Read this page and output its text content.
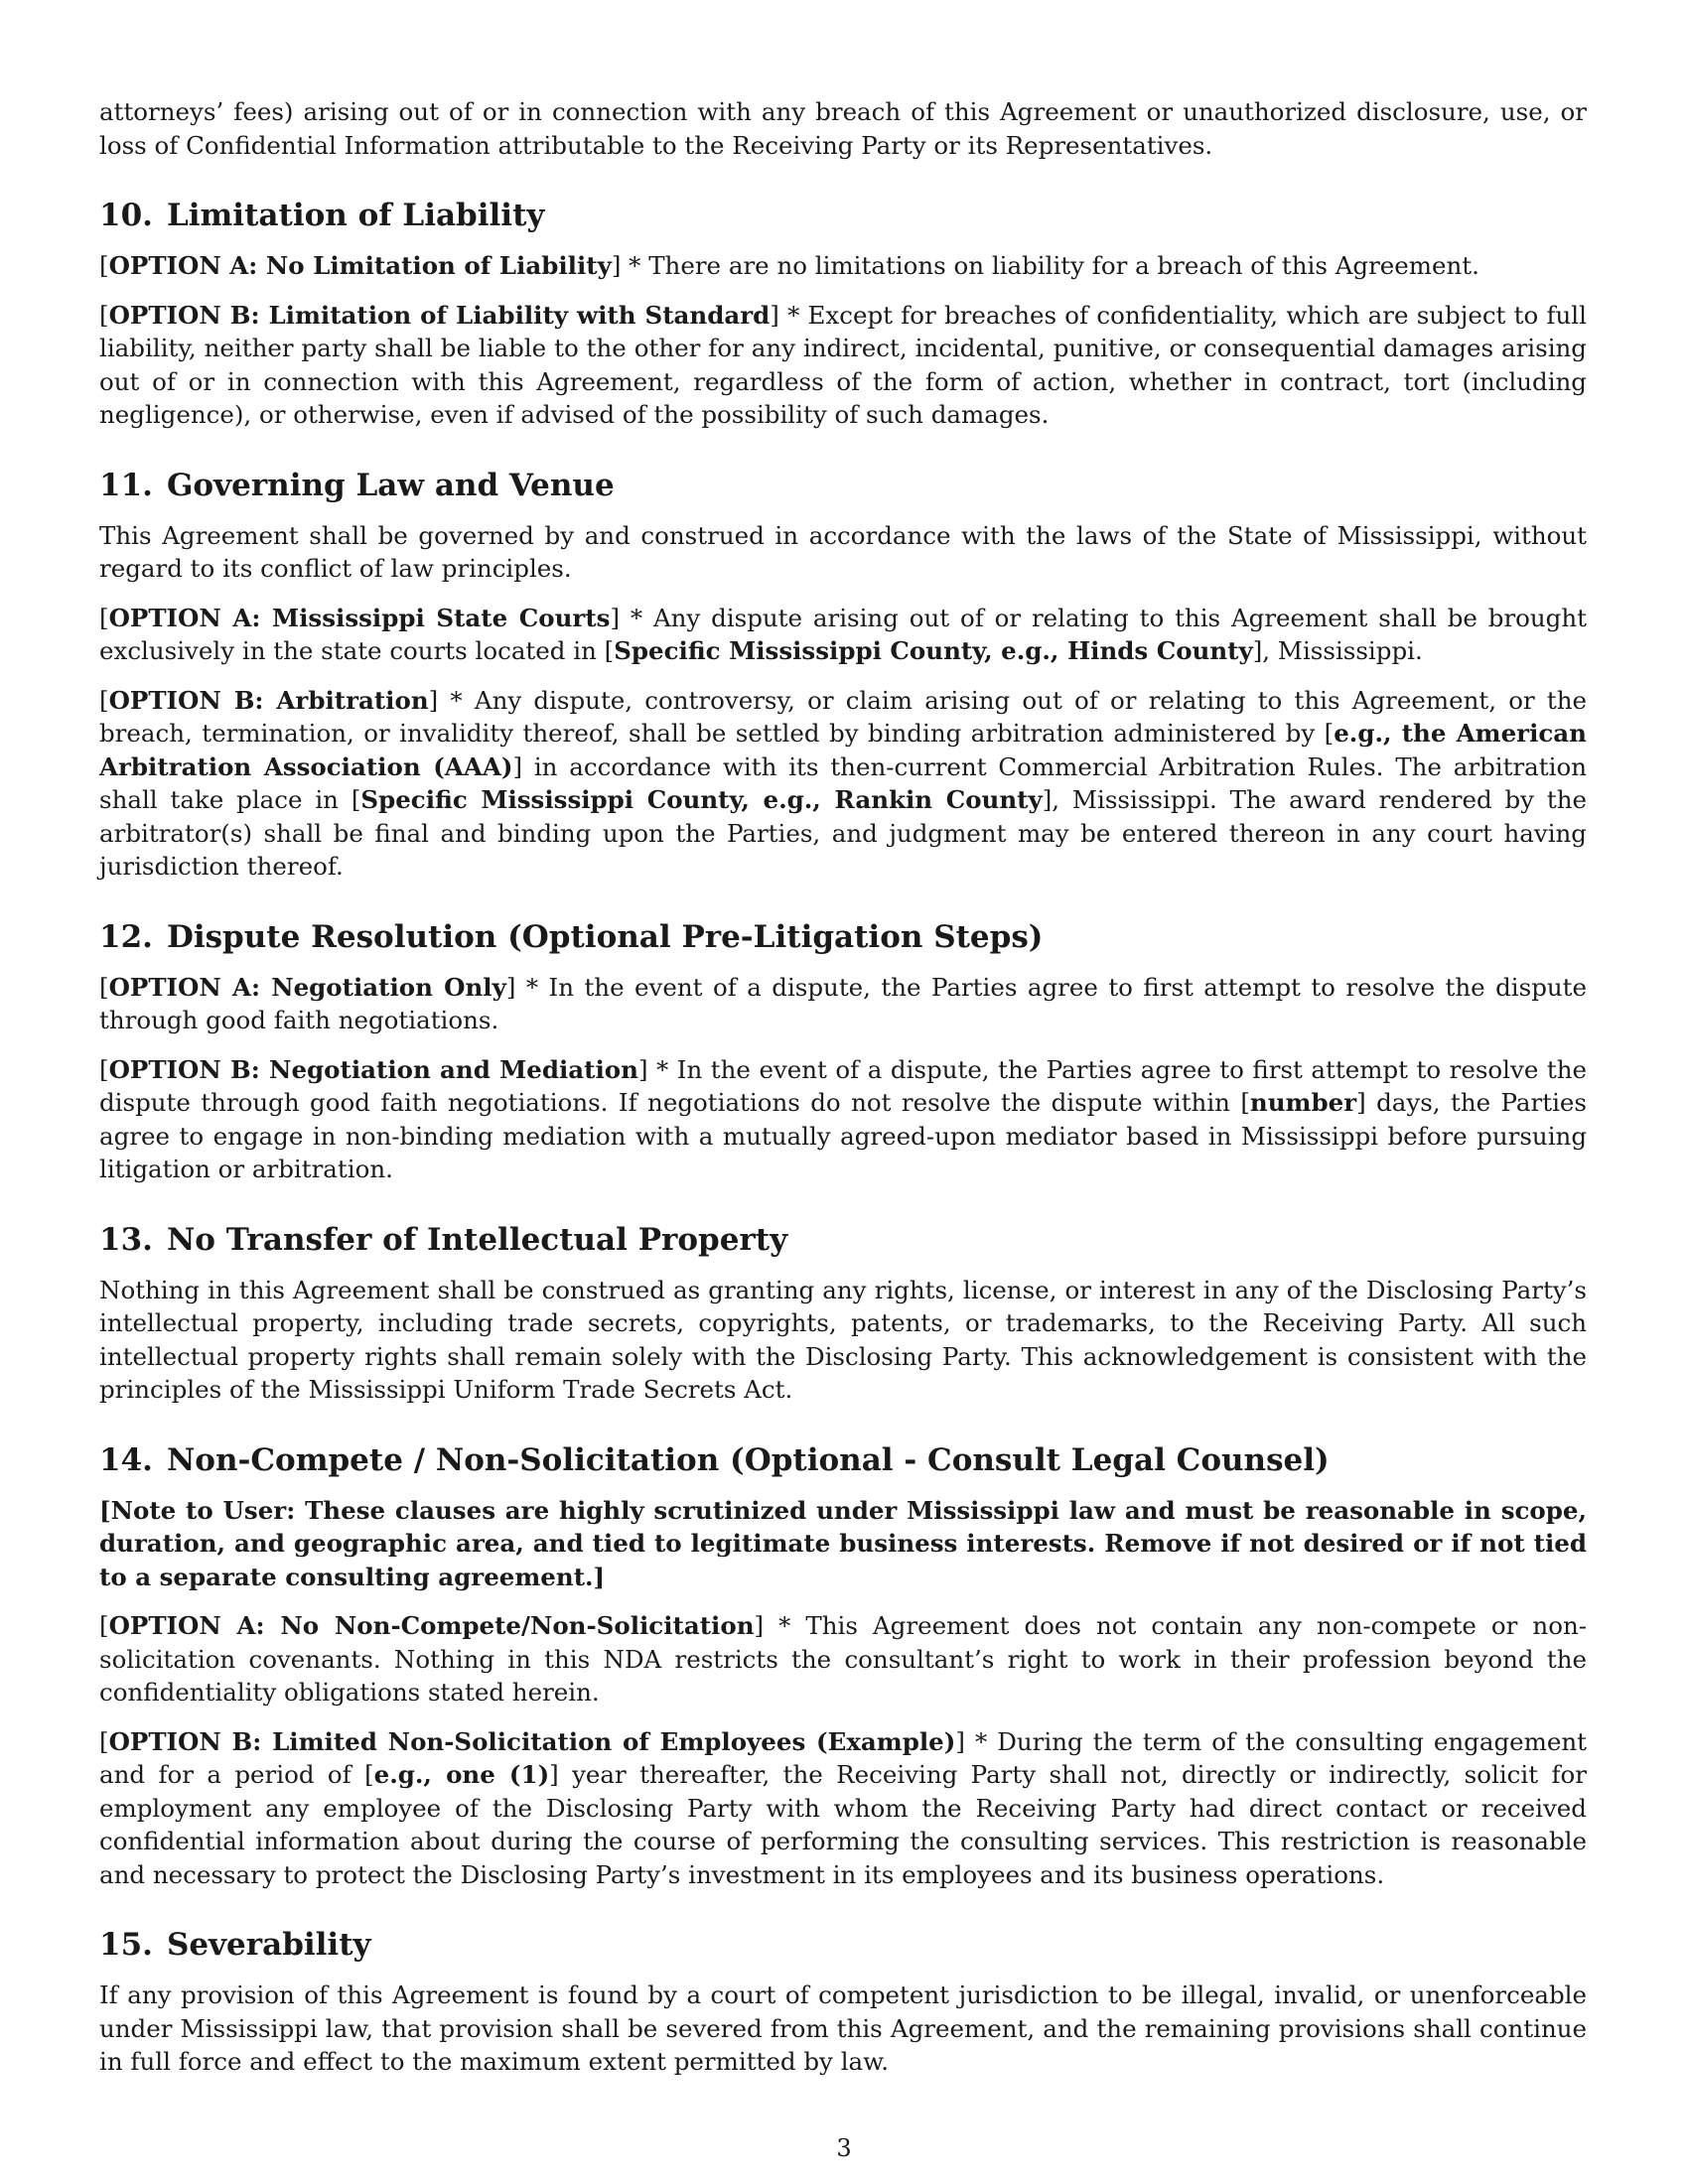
attorneys’ fees) arising out of or in connection with any breach of this Agreement or unauthorized disclosure, use, or loss of Confidential Information attributable to the Receiving Party or its Representatives.

10. Limitation of Liability

[OPTION A: No Limitation of Liability] * There are no limitations on liability for a breach of this Agreement.

[OPTION B: Limitation of Liability with Standard] * Except for breaches of confidentiality, which are subject to full liability, neither party shall be liable to the other for any indirect, incidental, punitive, or consequential damages arising out of or in connection with this Agreement, regardless of the form of action, whether in contract, tort (including negligence), or otherwise, even if advised of the possibility of such damages.

11. Governing Law and Venue

This Agreement shall be governed by and construed in accordance with the laws of the State of Mississippi, without regard to its conflict of law principles.

[OPTION A: Mississippi State Courts] * Any dispute arising out of or relating to this Agreement shall be brought exclusively in the state courts located in [Specific Mississippi County, e.g., Hinds County], Mississippi.

[OPTION B: Arbitration] * Any dispute, controversy, or claim arising out of or relating to this Agreement, or the breach, termination, or invalidity thereof, shall be settled by binding arbitration administered by [e.g., the American Arbitration Association (AAA)] in accordance with its then-current Commercial Arbitration Rules. The arbitration shall take place in [Specific Mississippi County, e.g., Rankin County], Mississippi. The award rendered by the arbitrator(s) shall be final and binding upon the Parties, and judgment may be entered thereon in any court having jurisdiction thereof.

12. Dispute Resolution (Optional Pre-Litigation Steps)

[OPTION A: Negotiation Only] * In the event of a dispute, the Parties agree to first attempt to resolve the dispute through good faith negotiations.

[OPTION B: Negotiation and Mediation] * In the event of a dispute, the Parties agree to first attempt to resolve the dispute through good faith negotiations. If negotiations do not resolve the dispute within [number] days, the Parties agree to engage in non-binding mediation with a mutually agreed-upon mediator based in Mississippi before pursuing litigation or arbitration.

13. No Transfer of Intellectual Property

Nothing in this Agreement shall be construed as granting any rights, license, or interest in any of the Disclosing Party’s intellectual property, including trade secrets, copyrights, patents, or trademarks, to the Receiving Party. All such intellectual property rights shall remain solely with the Disclosing Party. This acknowledgement is consistent with the principles of the Mississippi Uniform Trade Secrets Act.

14. Non-Compete / Non-Solicitation (Optional - Consult Legal Counsel)

[Note to User: These clauses are highly scrutinized under Mississippi law and must be reasonable in scope, duration, and geographic area, and tied to legitimate business interests. Remove if not desired or if not tied to a separate consulting agreement.]

[OPTION A: No Non-Compete/Non-Solicitation] * This Agreement does not contain any non-compete or non-solicitation covenants. Nothing in this NDA restricts the consultant’s right to work in their profession beyond the confidentiality obligations stated herein.

[OPTION B: Limited Non-Solicitation of Employees (Example)] * During the term of the consulting engagement and for a period of [e.g., one (1)] year thereafter, the Receiving Party shall not, directly or indirectly, solicit for employment any employee of the Disclosing Party with whom the Receiving Party had direct contact or received confidential information about during the course of performing the consulting services. This restriction is reasonable and necessary to protect the Disclosing Party’s investment in its employees and its business operations.

15. Severability

If any provision of this Agreement is found by a court of competent jurisdiction to be illegal, invalid, or unenforceable under Mississippi law, that provision shall be severed from this Agreement, and the remaining provisions shall continue in full force and effect to the maximum extent permitted by law.

3
